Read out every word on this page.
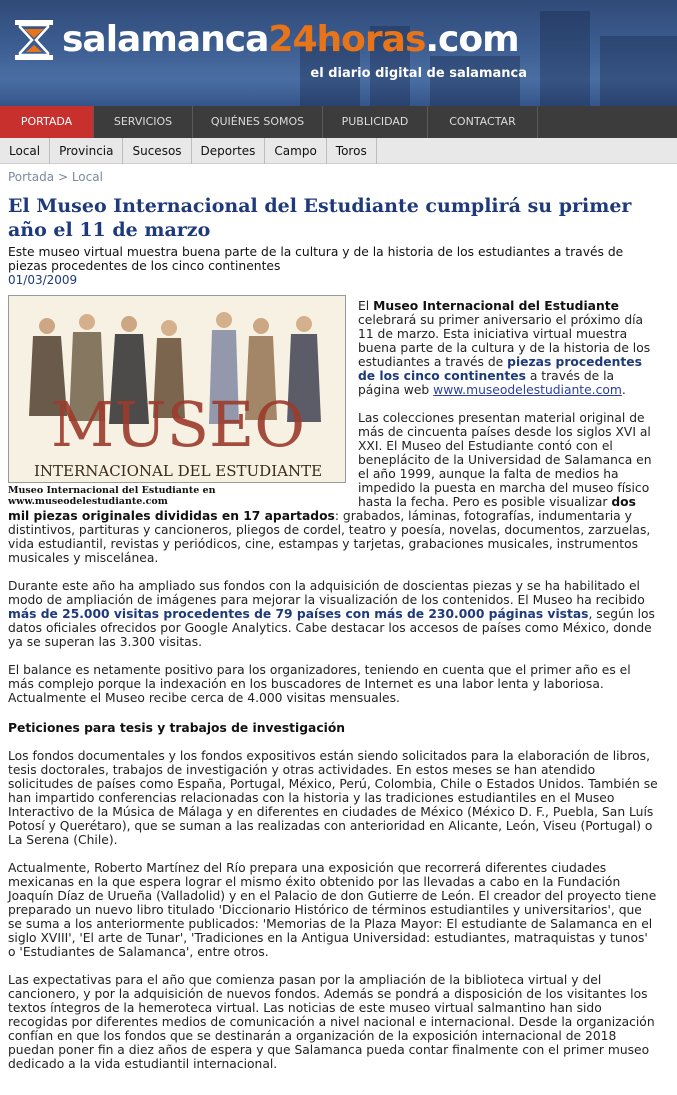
salamanca24horas.com
el diario digital de salamanca
PORTADA	SERVICIOS	QUIÉNES SOMOS	PUBLICIDAD	CONTACTAR
Local	Provincia	Sucesos	Deportes	Campo	Toros
Portada > Local
El Museo Internacional del Estudiante cumplirá su primer año el 11 de marzo
Este museo virtual muestra buena parte de la cultura y de la historia de los estudiantes a través de piezas procedentes de los cinco continentes
01/03/2009
MUSEO
INTERNACIONAL DEL ESTUDIANTE
Museo Internacional del Estudiante en www.museodelestudiante.com

El Museo Internacional del Estudiante celebrará su primer aniversario el próximo día 11 de marzo. Esta iniciativa virtual muestra buena parte de la cultura y de la historia de los estudiantes a través de piezas procedentes de los cinco continentes a través de la página web www.museodelestudiante.com.

Las colecciones presentan material original de más de cincuenta países desde los siglos XVI al XXI. El Museo del Estudiante contó con el beneplácito de la Universidad de Salamanca en el año 1999, aunque la falta de medios ha impedido la puesta en marcha del museo físico hasta la fecha. Pero es posible visualizar dos mil piezas originales divididas en 17 apartados: grabados, láminas, fotografías, indumentaria y distintivos, partituras y cancioneros, pliegos de cordel, teatro y poesía, novelas, documentos, zarzuelas, vida estudiantil, revistas y periódicos, cine, estampas y tarjetas, grabaciones musicales, instrumentos musicales y miscelánea.

Durante este año ha ampliado sus fondos con la adquisición de doscientas piezas y se ha habilitado el modo de ampliación de imágenes para mejorar la visualización de los contenidos. El Museo ha recibido más de 25.000 visitas procedentes de 79 países con más de 230.000 páginas vistas, según los datos oficiales ofrecidos por Google Analytics. Cabe destacar los accesos de países como México, donde ya se superan las 3.300 visitas.

El balance es netamente positivo para los organizadores, teniendo en cuenta que el primer año es el más complejo porque la indexación en los buscadores de Internet es una labor lenta y laboriosa. Actualmente el Museo recibe cerca de 4.000 visitas mensuales.

Peticiones para tesis y trabajos de investigación

Los fondos documentales y los fondos expositivos están siendo solicitados para la elaboración de libros, tesis doctorales, trabajos de investigación y otras actividades. En estos meses se han atendido solicitudes de países como España, Portugal, México, Perú, Colombia, Chile o Estados Unidos. También se han impartido conferencias relacionadas con la historia y las tradiciones estudiantiles en el Museo Interactivo de la Música de Málaga y en diferentes en ciudades de México (México D. F., Puebla, San Luís Potosí y Querétaro), que se suman a las realizadas con anterioridad en Alicante, León, Viseu (Portugal) o La Serena (Chile).

Actualmente, Roberto Martínez del Río prepara una exposición que recorrerá diferentes ciudades mexicanas en la que espera lograr el mismo éxito obtenido por las llevadas a cabo en la Fundación Joaquín Díaz de Urueña (Valladolid) y en el Palacio de don Gutierre de León. El creador del proyecto tiene preparado un nuevo libro titulado 'Diccionario Histórico de términos estudiantiles y universitarios', que se suma a los anteriormente publicados: 'Memorias de la Plaza Mayor: El estudiante de Salamanca en el siglo XVIII', 'El arte de Tunar', 'Tradiciones en la Antigua Universidad: estudiantes, matraquistas y tunos' o 'Estudiantes de Salamanca', entre otros.

Las expectativas para el año que comienza pasan por la ampliación de la biblioteca virtual y del cancionero, y por la adquisición de nuevos fondos. Además se pondrá a disposición de los visitantes los textos íntegros de la hemeroteca virtual. Las noticias de este museo virtual salmantino han sido recogidas por diferentes medios de comunicación a nivel nacional e internacional. Desde la organización confían en que los fondos que se destinarán a organización de la exposición internacional de 2018 puedan poner fin a diez años de espera y que Salamanca pueda contar finalmente con el primer museo dedicado a la vida estudiantil internacional.
